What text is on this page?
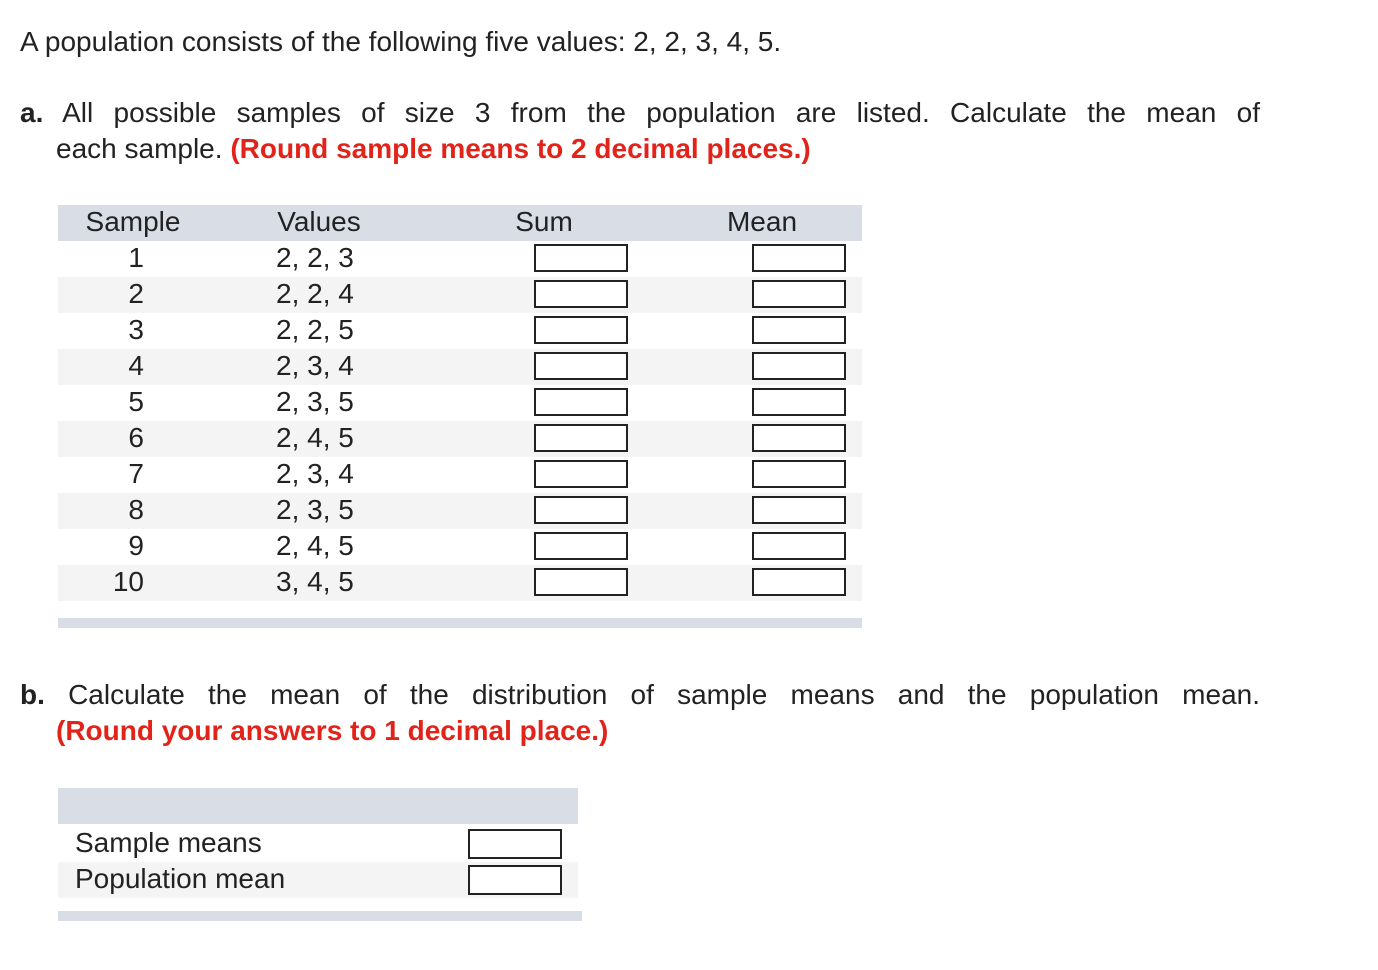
A population consists of the following five values: 2, 2, 3, 4, 5.
a. All possible samples of size 3 from the population are listed. Calculate the mean of
each sample. (Round sample means to 2 decimal places.)
Sample	Values	Sum	Mean
1	2, 2, 3
2	2, 2, 4
3	2, 2, 5
4	2, 3, 4
5	2, 3, 5
6	2, 4, 5
7	2, 3, 4
8	2, 3, 5
9	2, 4, 5
10	3, 4, 5
b. Calculate the mean of the distribution of sample means and the population mean.
(Round your answers to 1 decimal place.)
Sample means
Population mean
